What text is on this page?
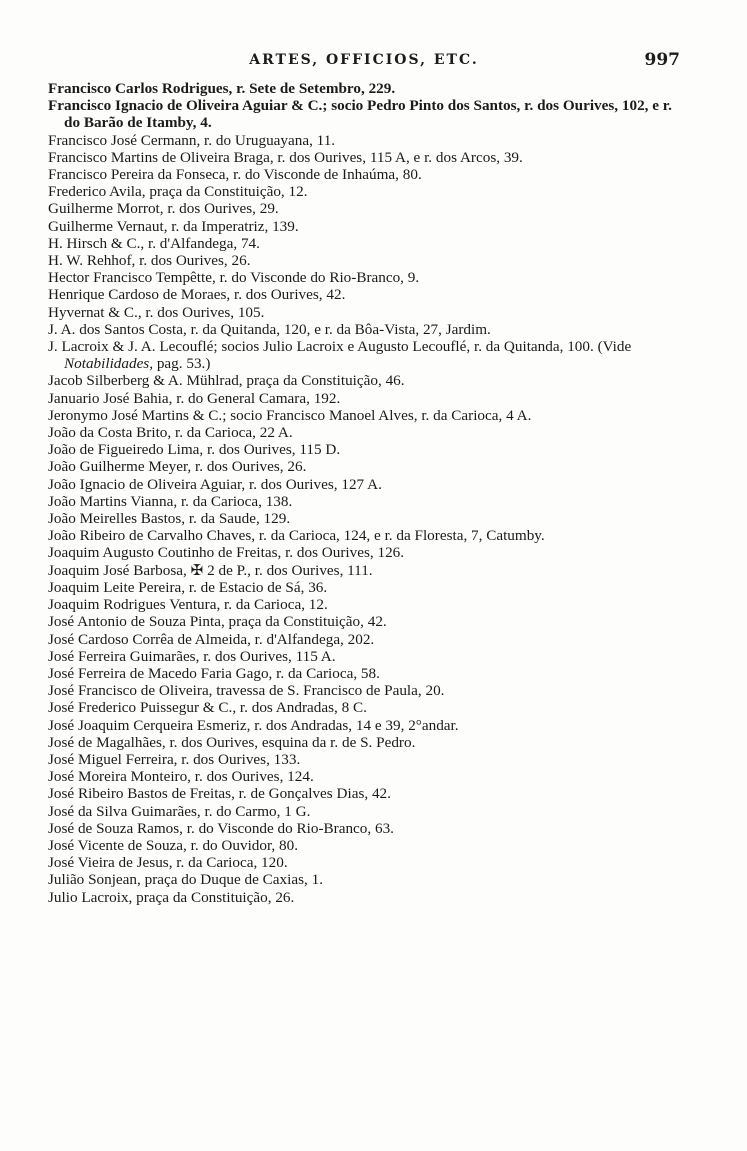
ARTES, OFFICIOS, ETC.	997
Francisco Carlos Rodrigues, r. Sete de Setembro, 229.
Francisco Ignacio de Oliveira Aguiar & C.; socio Pedro Pinto dos Santos, r. dos Ourives, 102, e r. do Barão de Itamby, 4.
Francisco José Cermann, r. do Uruguayana, 11.
Francisco Martins de Oliveira Braga, r. dos Ourives, 115 A, e r. dos Arcos, 39.
Francisco Pereira da Fonseca, r. do Visconde de Inhaúma, 80.
Frederico Avila, praça da Constituição, 12.
Guilherme Morrot, r. dos Ourives, 29.
Guilherme Vernaut, r. da Imperatriz, 139.
H. Hirsch & C., r. d'Alfandega, 74.
H. W. Rehhof, r. dos Ourives, 26.
Hector Francisco Tempêtte, r. do Visconde do Rio-Branco, 9.
Henrique Cardoso de Moraes, r. dos Ourives, 42.
Hyvernat & C., r. dos Ourives, 105.
J. A. dos Santos Costa, r. da Quitanda, 120, e r. da Bôa-Vista, 27, Jardim.
J. Lacroix & J. A. Lecouflé; socios Julio Lacroix e Augusto Lecouflé, r. da Quitanda, 100. (Vide Notabilidades, pag. 53.)
Jacob Silberberg & A. Mühlrad, praça da Constituição, 46.
Januario José Bahia, r. do General Camara, 192.
Jeronymo José Martins & C.; socio Francisco Manoel Alves, r. da Carioca, 4 A.
João da Costa Brito, r. da Carioca, 22 A.
João de Figueiredo Lima, r. dos Ourives, 115 D.
João Guilherme Meyer, r. dos Ourives, 26.
João Ignacio de Oliveira Aguiar, r. dos Ourives, 127 A.
João Martins Vianna, r. da Carioca, 138.
João Meirelles Bastos, r. da Saude, 129.
João Ribeiro de Carvalho Chaves, r. da Carioca, 124, e r. da Floresta, 7, Catumby.
Joaquim Augusto Coutinho de Freitas, r. dos Ourives, 126.
Joaquim José Barbosa, ✠ 2 de P., r. dos Ourives, 111.
Joaquim Leite Pereira, r. de Estacio de Sá, 36.
Joaquim Rodrigues Ventura, r. da Carioca, 12.
José Antonio de Souza Pinta, praça da Constituição, 42.
José Cardoso Corrêa de Almeida, r. d'Alfandega, 202.
José Ferreira Guimarães, r. dos Ourives, 115 A.
José Ferreira de Macedo Faria Gago, r. da Carioca, 58.
José Francisco de Oliveira, travessa de S. Francisco de Paula, 20.
José Frederico Puissegur & C., r. dos Andradas, 8 C.
José Joaquim Cerqueira Esmeriz, r. dos Andradas, 14 e 39, 2°andar.
José de Magalhães, r. dos Ourives, esquina da r. de S. Pedro.
José Miguel Ferreira, r. dos Ourives, 133.
José Moreira Monteiro, r. dos Ourives, 124.
José Ribeiro Bastos de Freitas, r. de Gonçalves Dias, 42.
José da Silva Guimarães, r. do Carmo, 1 G.
José de Souza Ramos, r. do Visconde do Rio-Branco, 63.
José Vicente de Souza, r. do Ouvidor, 80.
José Vieira de Jesus, r. da Carioca, 120.
Julião Sonjean, praça do Duque de Caxias, 1.
Julio Lacroix, praça da Constituição, 26.
